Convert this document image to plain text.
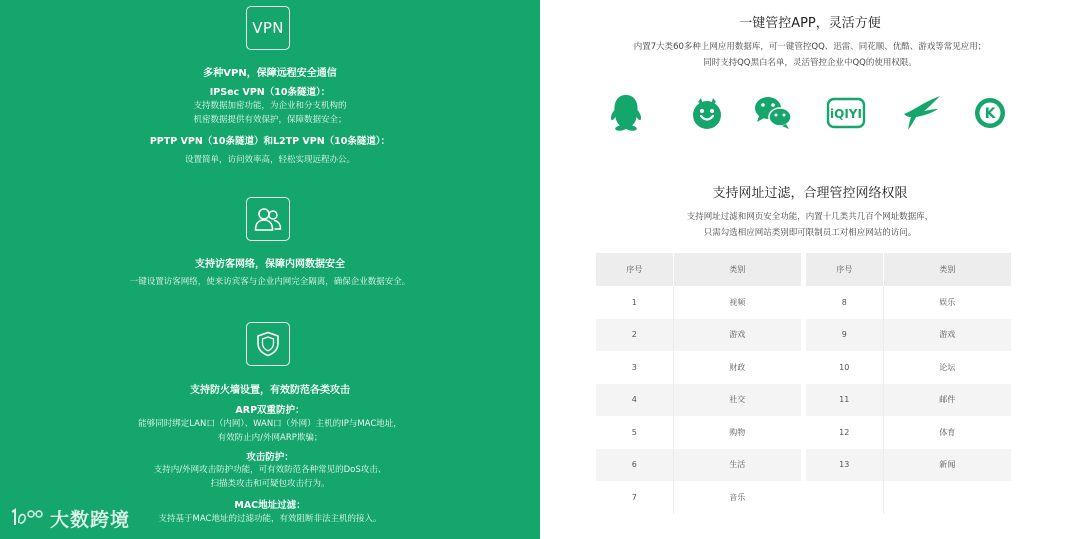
VPN
多种VPN，保障远程安全通信
IPSec VPN（10条隧道）：
支持数据加密功能，为企业和分支机构的
机密数据提供有效保护，保障数据安全；
PPTP VPN（10条隧道）和L2TP VPN（10条隧道）：
设置简单，访问效率高，轻松实现远程办公。
支持访客网络，保障内网数据安全
一键设置访客网络，使来访宾客与企业内网完全隔离，确保企业数据安全。
支持防火墙设置，有效防范各类攻击
ARP双重防护：
能够同时绑定LAN口（内网）、WAN口（外网）主机的IP与MAC地址，
有效防止内/外网ARP欺骗；
攻击防护：
支持内/外网攻击防护功能，可有效防范各种常见的DoS攻击、
扫描类攻击和可疑包攻击行为。
MAC地址过滤：
支持基于MAC地址的过滤功能，有效阻断非法主机的接入。
大数跨境
一键管控APP，灵活方便
内置7大类60多种上网应用数据库，可一键管控QQ、迅雷、同花顺、优酷、游戏等常见应用；
同时支持QQ黑白名单，灵活管控企业中QQ的使用权限。
iQIYI	K
支持网址过滤，合理管控网络权限
支持网址过滤和网页安全功能，内置十几类共几百个网址数据库，
只需勾选相应网站类别即可限制员工对相应网站的访问。
序号	类别
1	视频
2	游戏
3	财政
4	社交
5	购物
6	生活
7	音乐
序号	类别
8	娱乐
9	游戏
10	论坛
11	邮件
12	体育
13	新闻
